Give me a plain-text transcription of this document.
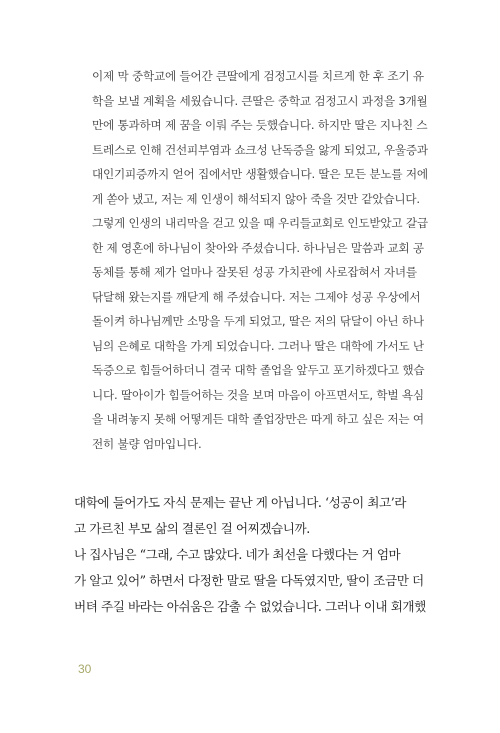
이제 막 중학교에 들어간 큰딸에게 검정고시를 치르게 한 후 조기 유
학을 보낼 계획을 세웠습니다. 큰딸은 중학교 검정고시 과정을 3개월
만에 통과하며 제 꿈을 이뤄 주는 듯했습니다. 하지만 딸은 지나친 스
트레스로 인해 건선피부염과 쇼크성 난독증을 앓게 되었고, 우울증과
대인기피증까지 얻어 집에서만 생활했습니다. 딸은 모든 분노를 저에
게 쏟아 냈고, 저는 제 인생이 해석되지 않아 죽을 것만 같았습니다.
그렇게 인생의 내리막을 걷고 있을 때 우리들교회로 인도받았고 갈급
한 제 영혼에 하나님이 찾아와 주셨습니다. 하나님은 말씀과 교회 공
동체를 통해 제가 얼마나 잘못된 성공 가치관에 사로잡혀서 자녀를
닦달해 왔는지를 깨닫게 해 주셨습니다. 저는 그제야 성공 우상에서
돌이켜 하나님께만 소망을 두게 되었고, 딸은 저의 닦달이 아닌 하나
님의 은혜로 대학을 가게 되었습니다. 그러나 딸은 대학에 가서도 난
독증으로 힘들어하더니 결국 대학 졸업을 앞두고 포기하겠다고 했습
니다. 딸아이가 힘들어하는 것을 보며 마음이 아프면서도, 학벌 욕심
을 내려놓지 못해 어떻게든 대학 졸업장만은 따게 하고 싶은 저는 여
전히 불량 엄마입니다.
대학에 들어가도 자식 문제는 끝난 게 아닙니다. ‘성공이 최고’라
고 가르친 부모 삶의 결론인 걸 어찌겠습니까.
나 집사님은 “그래, 수고 많았다. 네가 최선을 다했다는 거 엄마
가 알고 있어” 하면서 다정한 말로 딸을 다독였지만, 딸이 조금만 더
버텨 주길 바라는 아쉬움은 감출 수 없었습니다. 그러나 이내 회개했
30
